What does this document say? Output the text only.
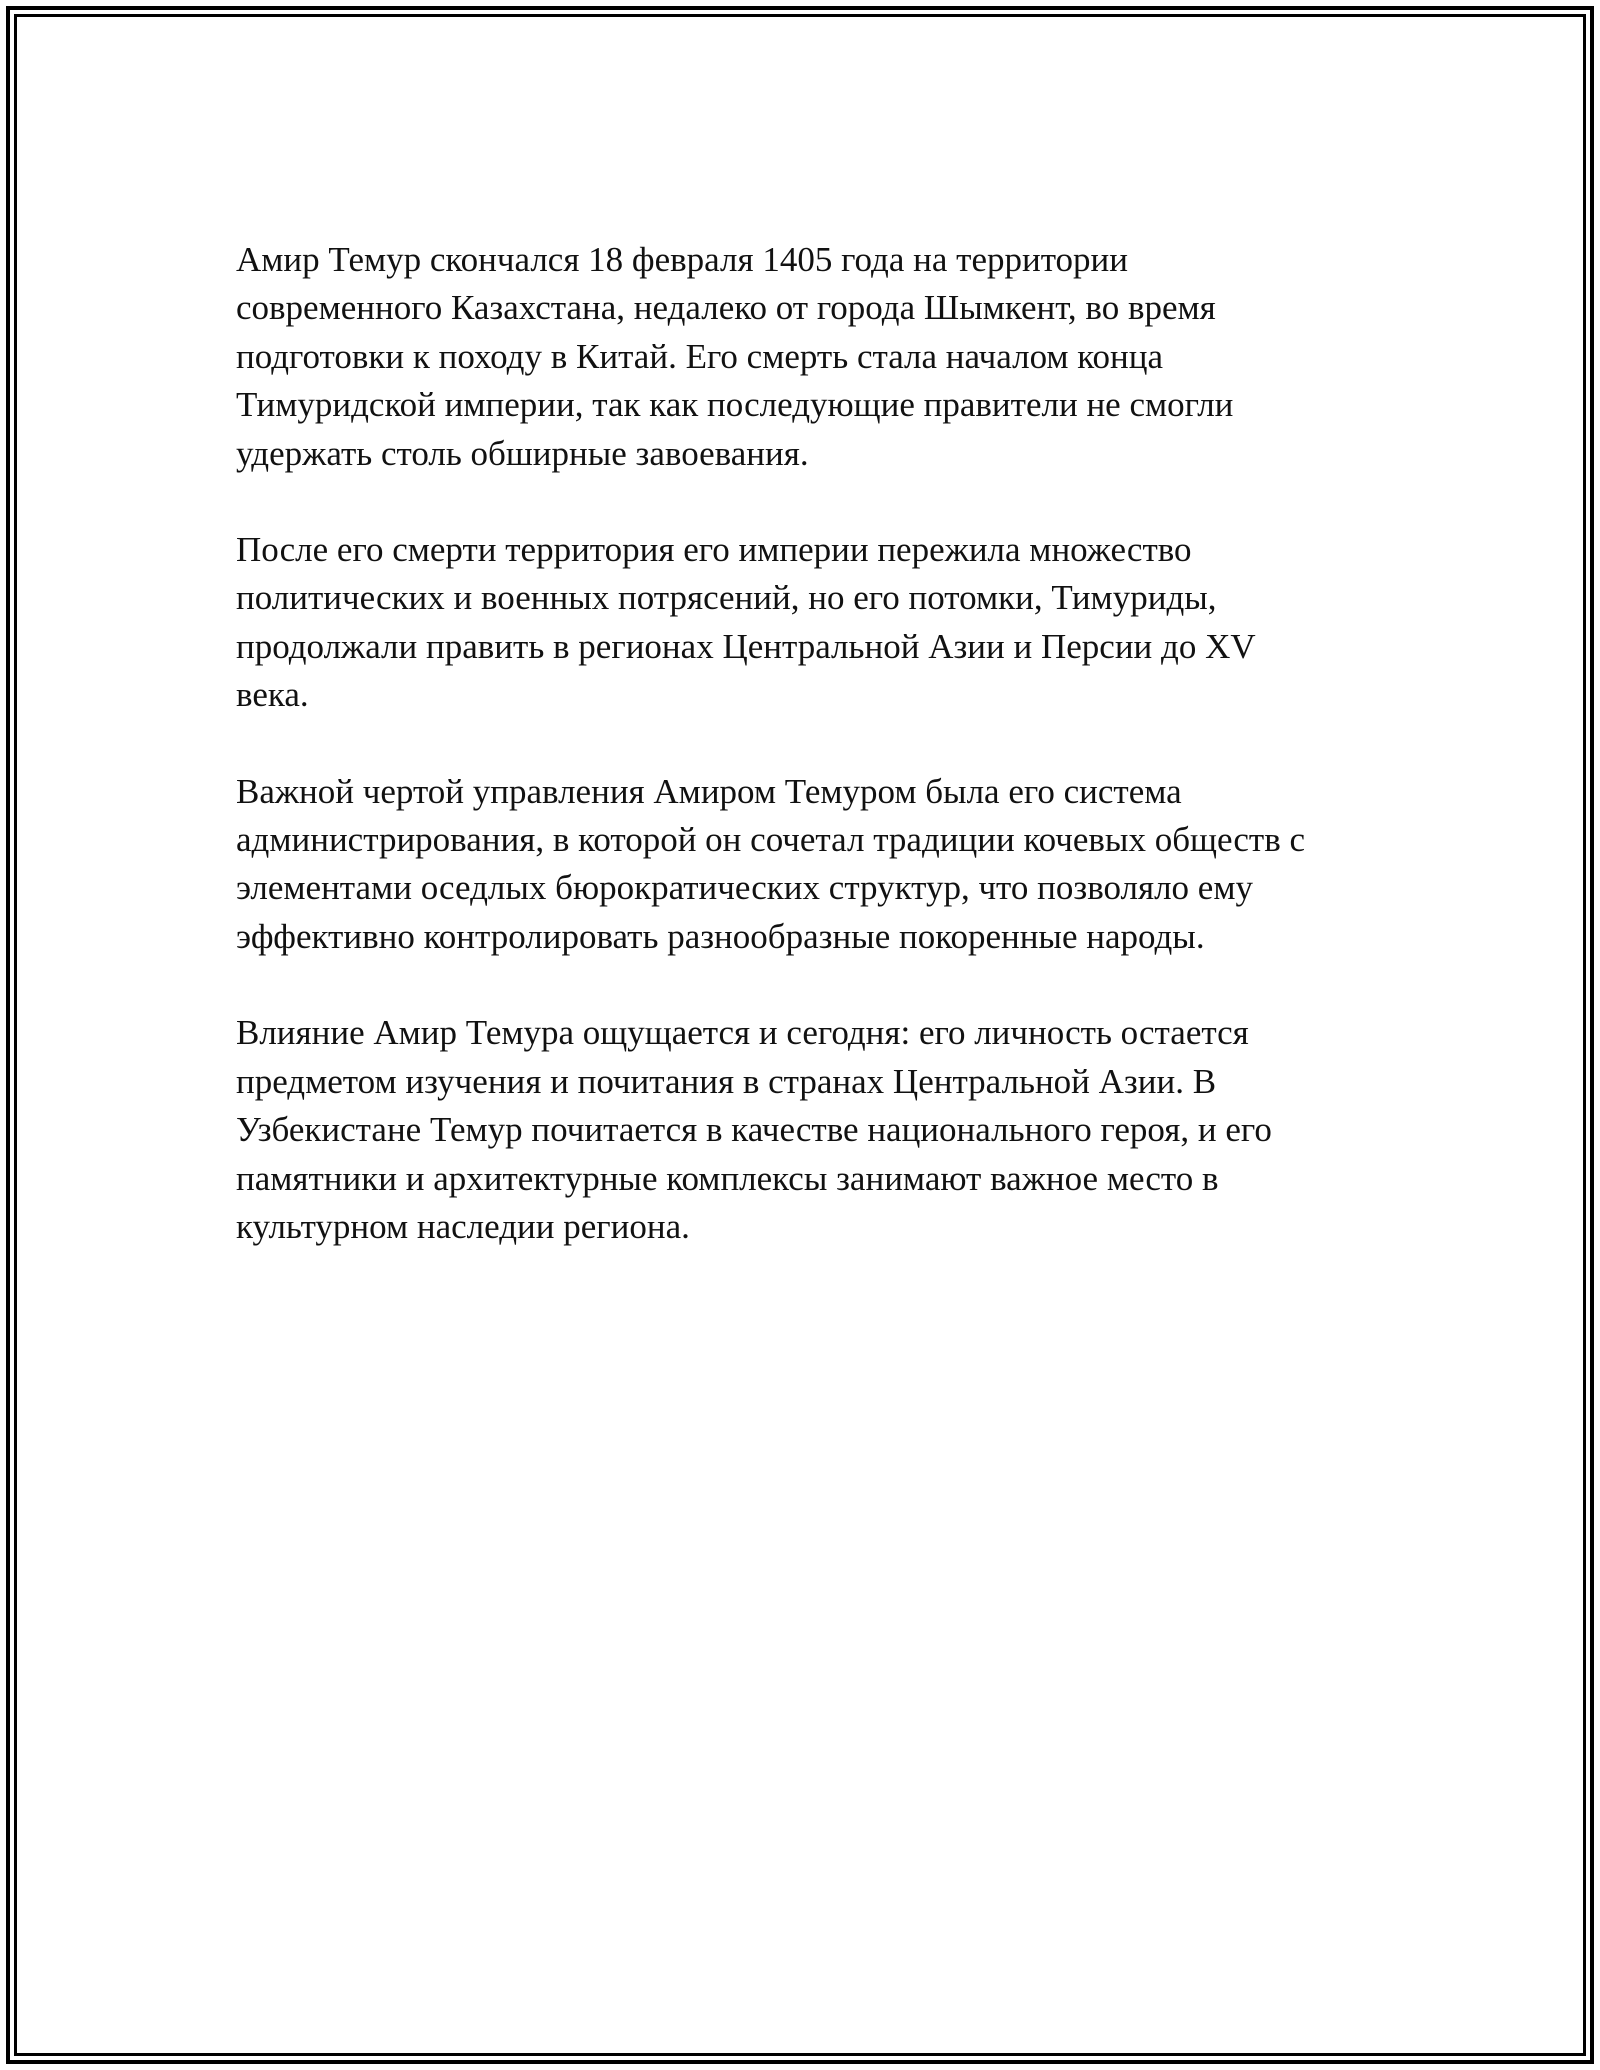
Амир Темур скончался 18 февраля 1405 года на территории
современного Казахстана, недалеко от города Шымкент, во время
подготовки к походу в Китай. Его смерть стала началом конца
Тимуридской империи, так как последующие правители не смогли
удержать столь обширные завоевания.

После его смерти территория его империи пережила множество
политических и военных потрясений, но его потомки, Тимуриды,
продолжали править в регионах Центральной Азии и Персии до XV
века.

Важной чертой управления Амиром Темуром была его система
администрирования, в которой он сочетал традиции кочевых обществ с
элементами оседлых бюрократических структур, что позволяло ему
эффективно контролировать разнообразные покоренные народы.

Влияние Амир Темура ощущается и сегодня: его личность остается
предметом изучения и почитания в странах Центральной Азии. В
Узбекистане Темур почитается в качестве национального героя, и его
памятники и архитектурные комплексы занимают важное место в
культурном наследии региона.
